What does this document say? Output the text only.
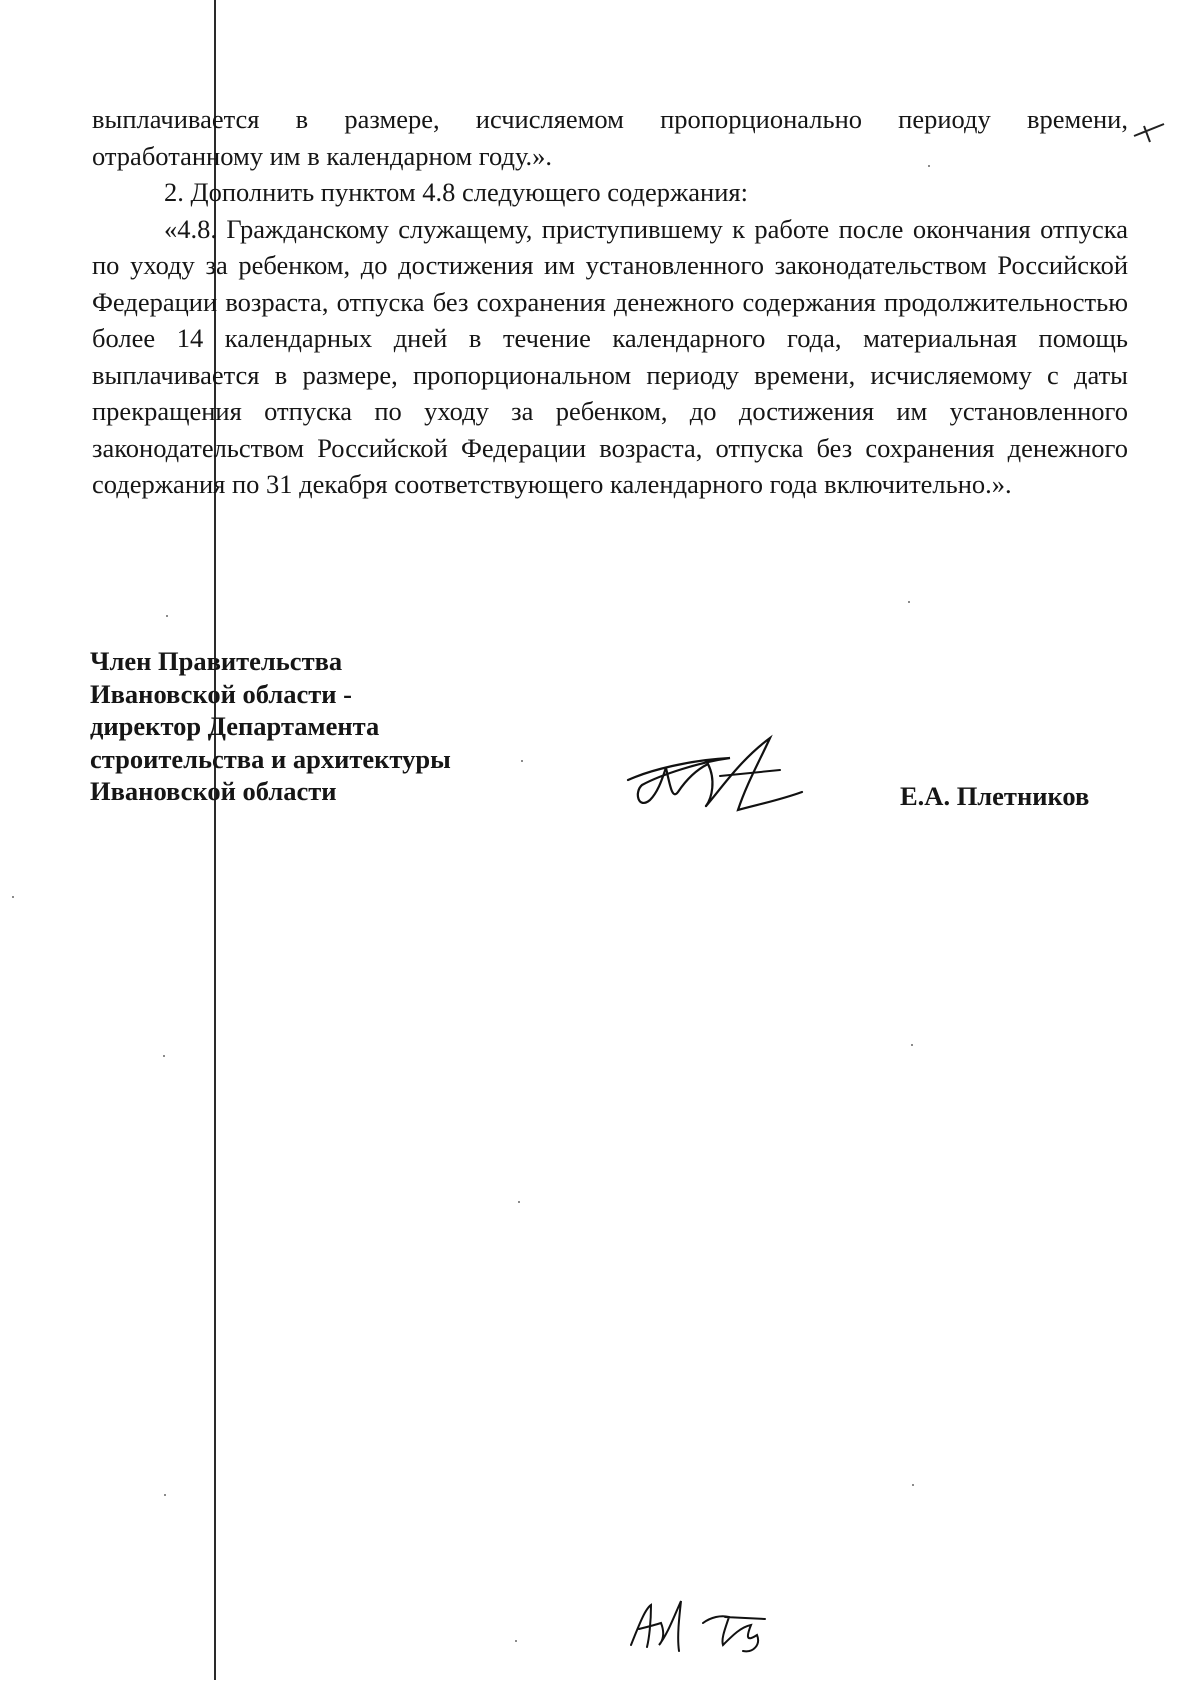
выплачивается в размере, исчисляемом пропорционально периоду времени, отработанному им в календарном году.».

2. Дополнить пунктом 4.8 следующего содержания:

«4.8. Гражданскому служащему, приступившему к работе после окончания отпуска по уходу за ребенком, до достижения им установленного законодательством Российской Федерации возраста, отпуска без сохранения денежного содержания продолжительностью более 14 календарных дней в течение календарного года, материальная помощь выплачивается в размере, пропорциональном периоду времени, исчисляемому с даты прекращения отпуска по уходу за ребенком, до достижения им установленного законодательством Российской Федерации возраста, отпуска без сохранения денежного содержания по 31 декабря соответствующего календарного года включительно.».

Член Правительства
Ивановской области -
директор Департамента
строительства и архитектуры
Ивановской области	Е.А. Плетников
